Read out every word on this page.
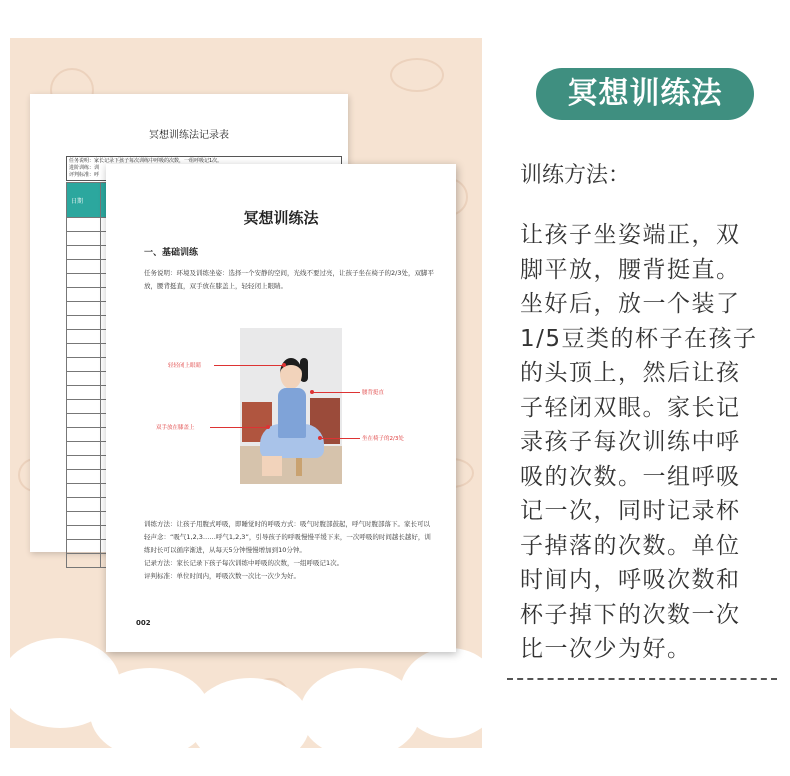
冥想训练法记录表
任务说明：家长记录下孩子每次训练中呼吸的次数，一组呼吸记1次。
进阶训练：训
评判标准：呼
日期	

冥想训练法
一、基础训练
任务说明：环境及训练坐姿：选择一个安静的空间，光线不要过亮，让孩子坐在椅子的2/3处，双脚平放，腰背挺直，双手放在膝盖上，轻轻闭上眼睛。
轻轻闭上眼睛
腰背挺直
双手放在膝盖上
坐在椅子的2/3处
训练方法：让孩子用腹式呼吸，即睡觉时的呼吸方式：吸气时腹部鼓起，呼气时腹部落下。家长可以轻声念：“吸气1,2,3……呼气1,2,3”，引导孩子的呼吸慢慢平缓下来，一次呼吸的时间越长越好，训练时长可以循序渐进，从每天5分钟慢慢增加到10分钟。
记录方法：家长记录下孩子每次训练中呼吸的次数，一组呼吸记1次。
评判标准：单位时间内，呼吸次数一次比一次少为好。
002
冥想训练法
训练方法：
让孩子坐姿端正，双脚平放，腰背挺直。坐好后，放一个装了1/5豆类的杯子在孩子的头顶上，然后让孩子轻闭双眼。家长记录孩子每次训练中呼吸的次数。一组呼吸记一次，同时记录杯子掉落的次数。单位时间内，呼吸次数和杯子掉下的次数一次比一次少为好。
